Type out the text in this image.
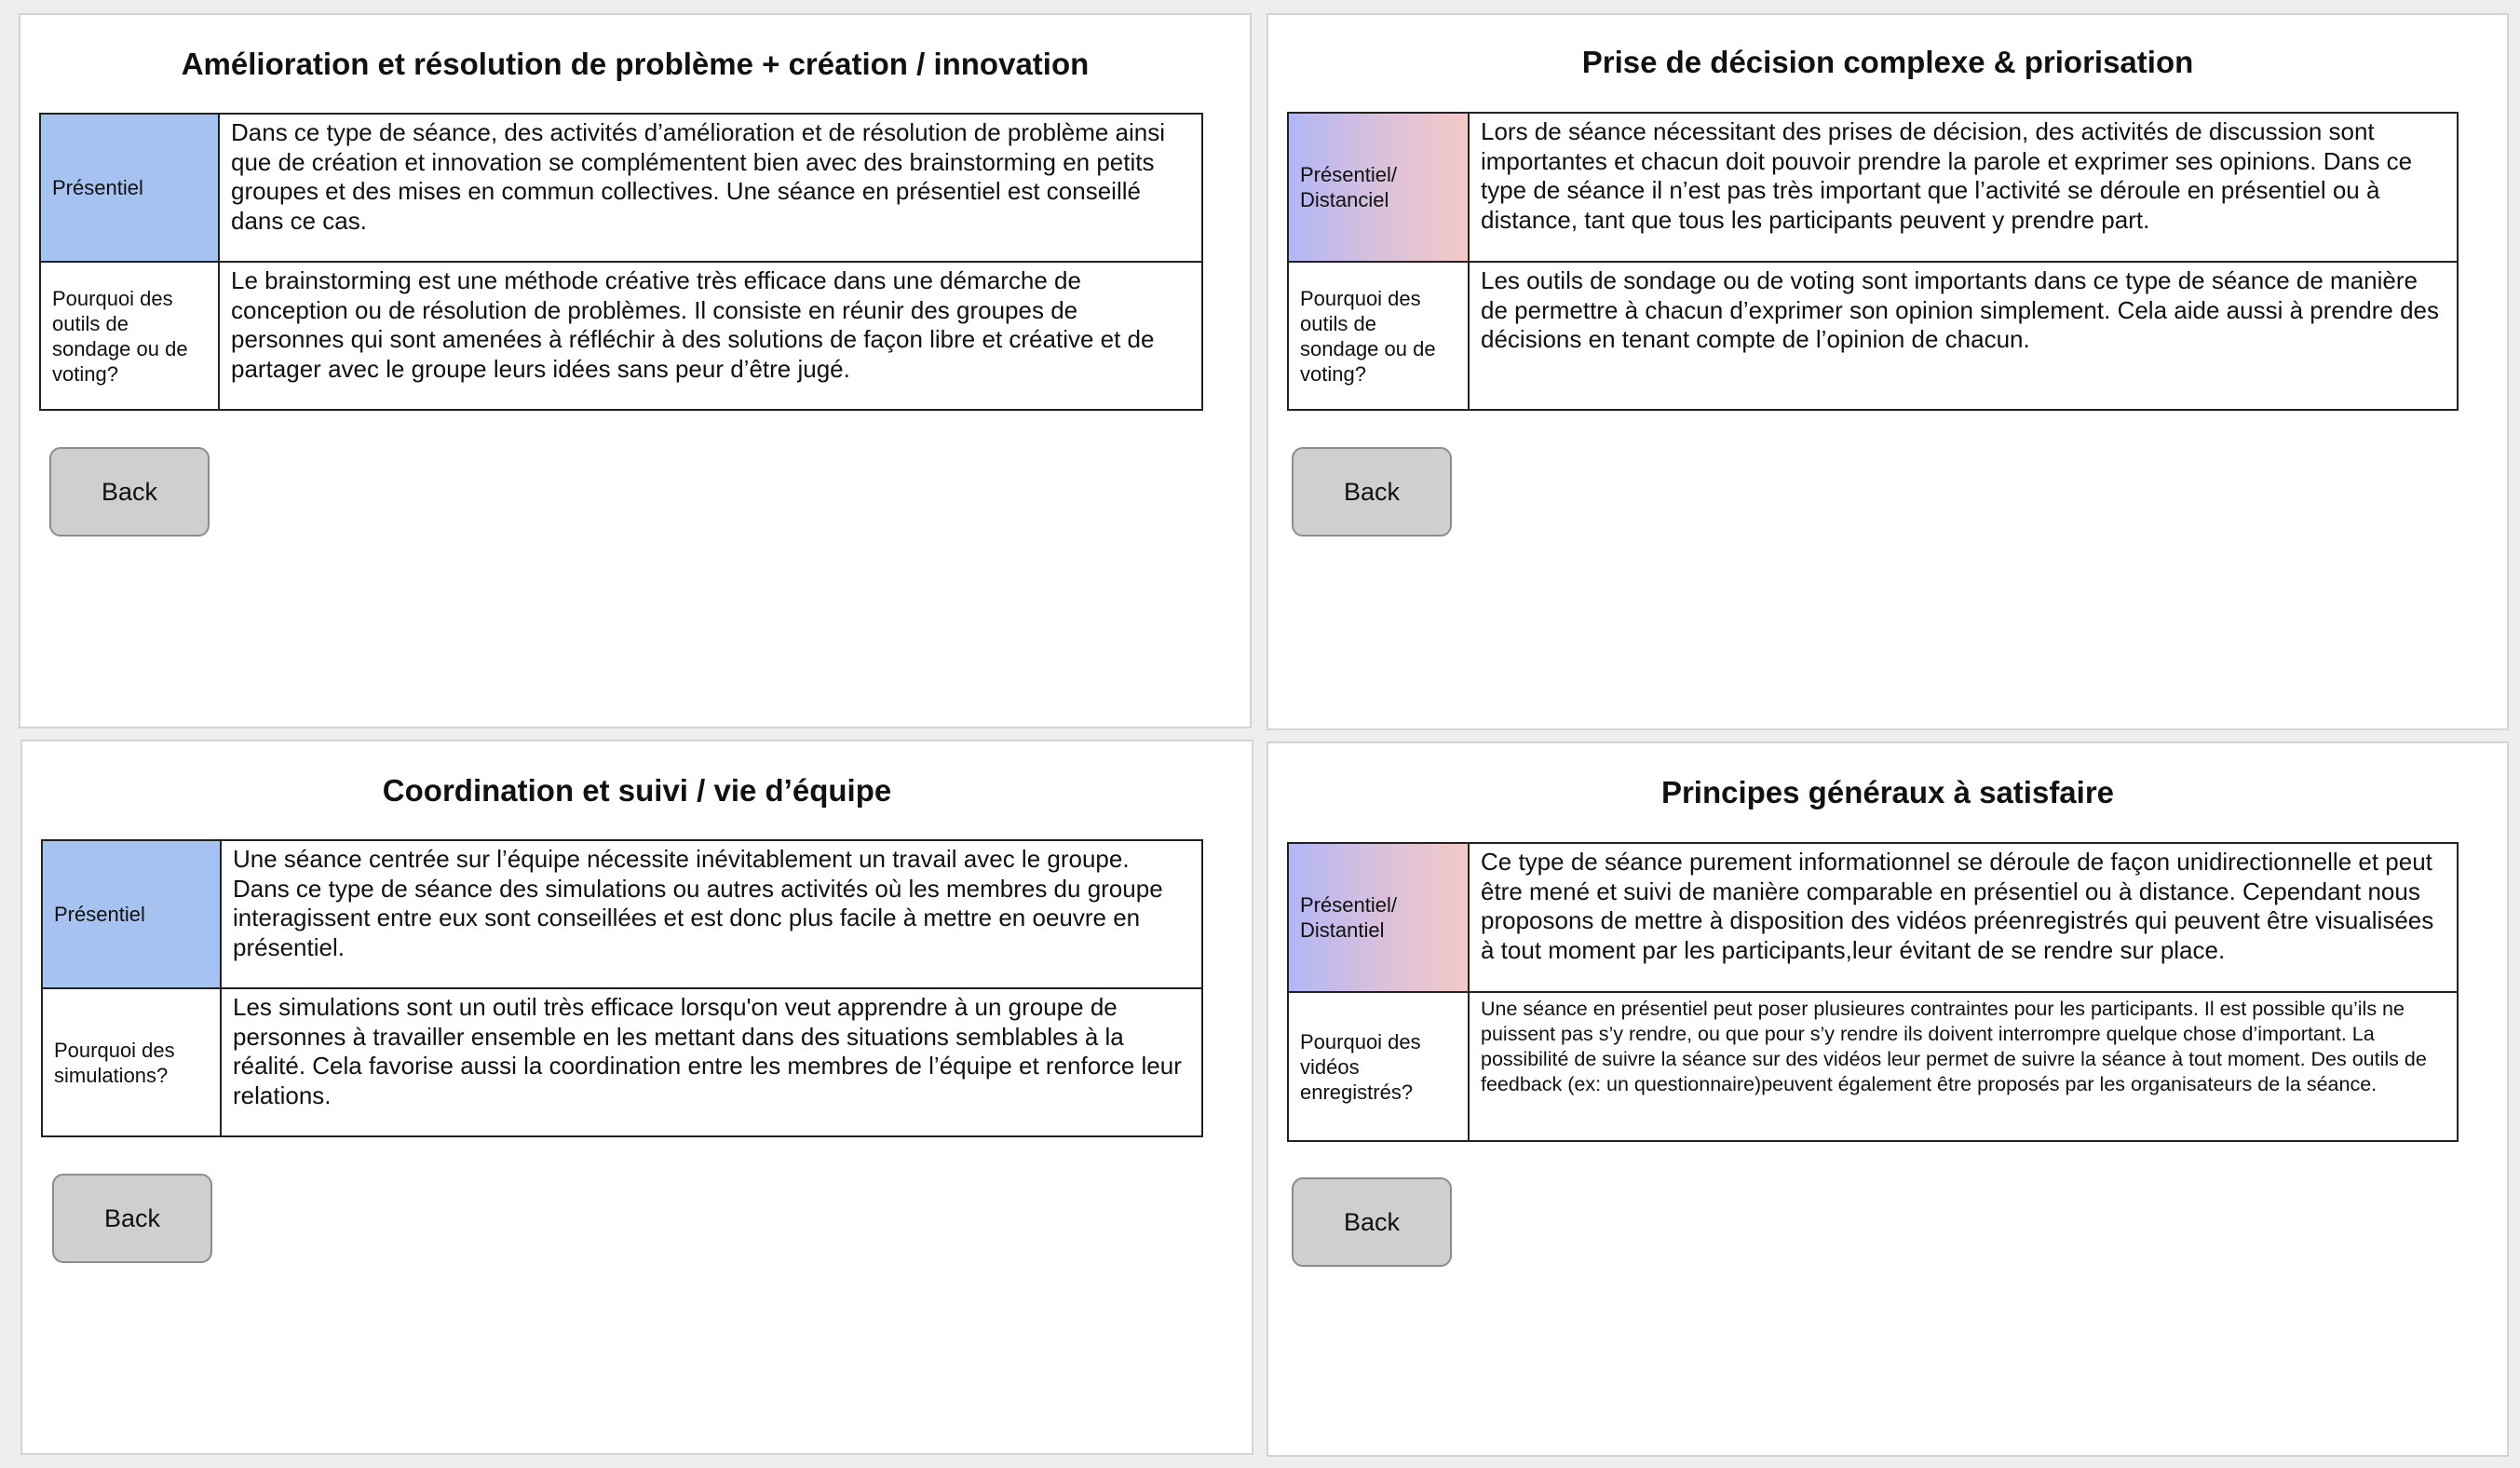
Amélioration et résolution de problème + création / innovation
Présentiel	Dans ce type de séance, des activités d’amélioration et de résolution de problème ainsi que de création et innovation se complémentent bien avec des brainstorming en petits groupes et des mises en commun collectives. Une séance en présentiel est conseillé dans ce cas.
Pourquoi des outils de sondage ou de voting?	Le brainstorming est une méthode créative très efficace dans une démarche de conception ou de résolution de problèmes. Il consiste en réunir des groupes de personnes qui sont amenées à réfléchir à des solutions de façon libre et créative et de partager avec le groupe leurs idées sans peur d’être jugé.
Back
Prise de décision complexe & priorisation
Présentiel/ Distanciel	Lors de séance nécessitant des prises de décision, des activités de discussion sont importantes et chacun doit pouvoir prendre la parole et exprimer ses opinions. Dans ce type de séance il n’est pas très important que l’activité se déroule en présentiel ou à distance, tant que tous les participants peuvent y prendre part.
Pourquoi des outils de sondage ou de voting?	Les outils de sondage ou de voting sont importants dans ce type de séance de manière de permettre à chacun d’exprimer son opinion simplement. Cela aide aussi à prendre des décisions en tenant compte de l’opinion de chacun.
Back
Coordination et suivi / vie d’équipe
Présentiel	Une séance centrée sur l’équipe nécessite inévitablement un travail avec le groupe. Dans ce type de séance des simulations ou autres activités où les membres du groupe interagissent entre eux sont conseillées et est donc plus facile à mettre en oeuvre en présentiel.
Pourquoi des simulations?	Les simulations sont un outil très efficace lorsqu'on veut apprendre à un groupe de personnes à travailler ensemble en les mettant dans des situations semblables à la réalité. Cela favorise aussi la coordination entre les membres de l’équipe et renforce leur relations.
Back
Principes généraux à satisfaire
Présentiel/ Distantiel	Ce type de séance purement informationnel se déroule de façon unidirectionnelle et peut être mené et suivi de manière comparable en présentiel ou à distance. Cependant nous proposons de mettre à disposition des vidéos préenregistrés qui peuvent être visualisées à tout moment par les participants,leur évitant de se rendre sur place.
Pourquoi des vidéos enregistrés?	Une séance en présentiel peut poser plusieures contraintes pour les participants. Il est possible qu’ils ne puissent pas s’y rendre, ou que pour s’y rendre ils doivent interrompre quelque chose d’important. La possibilité de suivre la séance sur des vidéos leur permet de suivre la séance à tout moment. Des outils de feedback (ex: un questionnaire)peuvent également être proposés par les organisateurs de la séance.
Back
